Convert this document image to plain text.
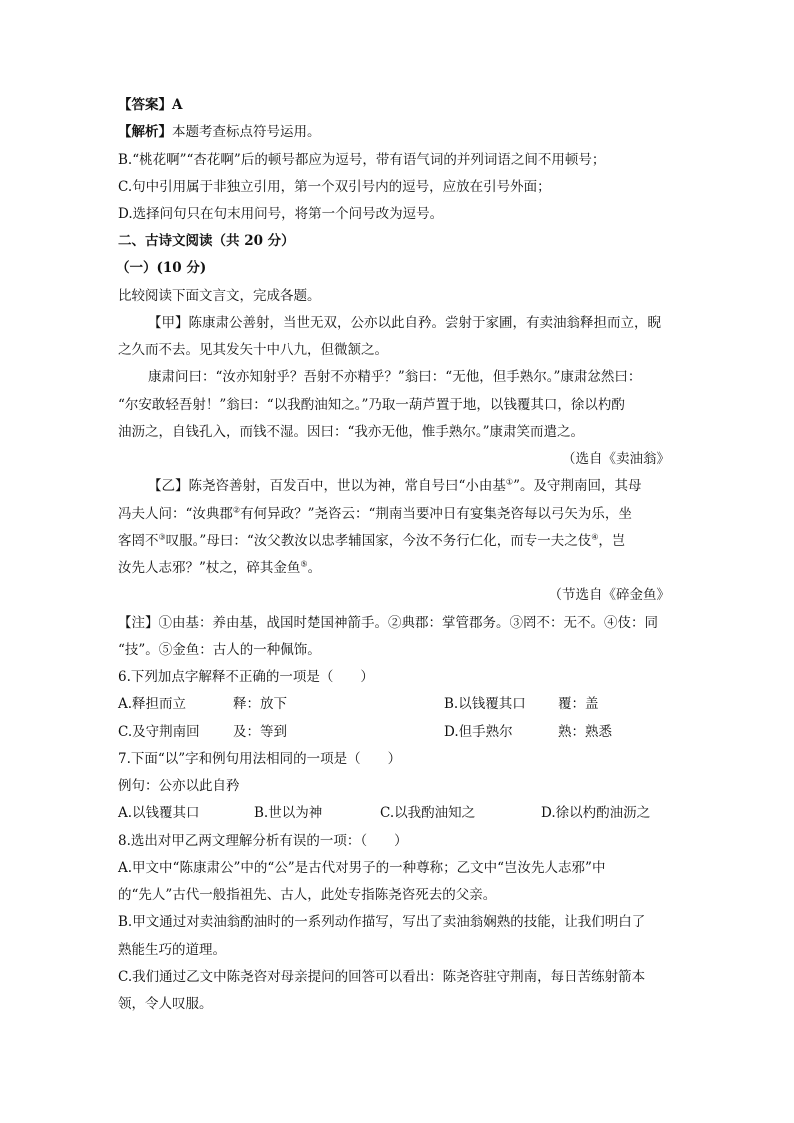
【答案】A
【解析】本题考查标点符号运用。
B.“桃花啊”“杏花啊”后的顿号都应为逗号，带有语气词的并列词语之间不用顿号；
C.句中引用属于非独立引用，第一个双引号内的逗号，应放在引号外面；
D.选择问句只在句末用问号，将第一个问号改为逗号。
二、古诗文阅读（共 20 分）
（一）(10 分)
比较阅读下面文言文，完成各题。
【甲】陈康肃公善射，当世无双，公亦以此自矜。尝射于家圃，有卖油翁释担而立，睨
之久而不去。见其发矢十中八九，但微颔之。
康肃问曰：“汝亦知射乎？吾射不亦精乎？”翁曰：“无他，但手熟尔。”康肃忿然曰：
“尔安敢轻吾射！”翁曰：“以我酌油知之。”乃取一葫芦置于地，以钱覆其口，徐以杓酌
油沥之，自钱孔入，而钱不湿。因曰：“我亦无他，惟手熟尔。”康肃笑而遣之。
（选自《卖油翁》
【乙】陈尧咨善射，百发百中，世以为神，常自号曰“小由基①”。及守荆南回，其母
冯夫人问：“汝典郡②有何异政？”尧咨云：“荆南当要冲日有宴集尧咨每以弓矢为乐，坐
客罔不③叹服。”母曰：“汝父教汝以忠孝辅国家，今汝不务行仁化，而专一夫之伎④，岂
汝先人志邪？”杖之，碎其金鱼⑤。
（节选自《碎金鱼》
【注】①由基：养由基，战国时楚国神箭手。②典郡：掌管郡务。③罔不：无不。④伎：同
“技”。⑤金鱼：古人的一种佩饰。
6.下列加点字解释不正确的一项是（　　）
A.释担而立	释：放下	B.以钱覆其口 覆：盖
C.及守荆南回 及：等到	D.但手熟尔	熟：熟悉
7.下面“以”字和例句用法相同的一项是（　　）
例句：公亦以此自矜
A.以钱覆其口	B.世以为神	C.以我酌油知之	D.徐以杓酌油沥之
8.选出对甲乙两文理解分析有误的一项：（　　）
A.甲文中“陈康肃公”中的“公”是古代对男子的一种尊称；乙文中“岂汝先人志邪”中
的“先人”古代一般指祖先、古人，此处专指陈尧咨死去的父亲。
B.甲文通过对卖油翁酌油时的一系列动作描写，写出了卖油翁娴熟的技能，让我们明白了
熟能生巧的道理。
C.我们通过乙文中陈尧咨对母亲提问的回答可以看出：陈尧咨驻守荆南，每日苦练射箭本
领，令人叹服。
